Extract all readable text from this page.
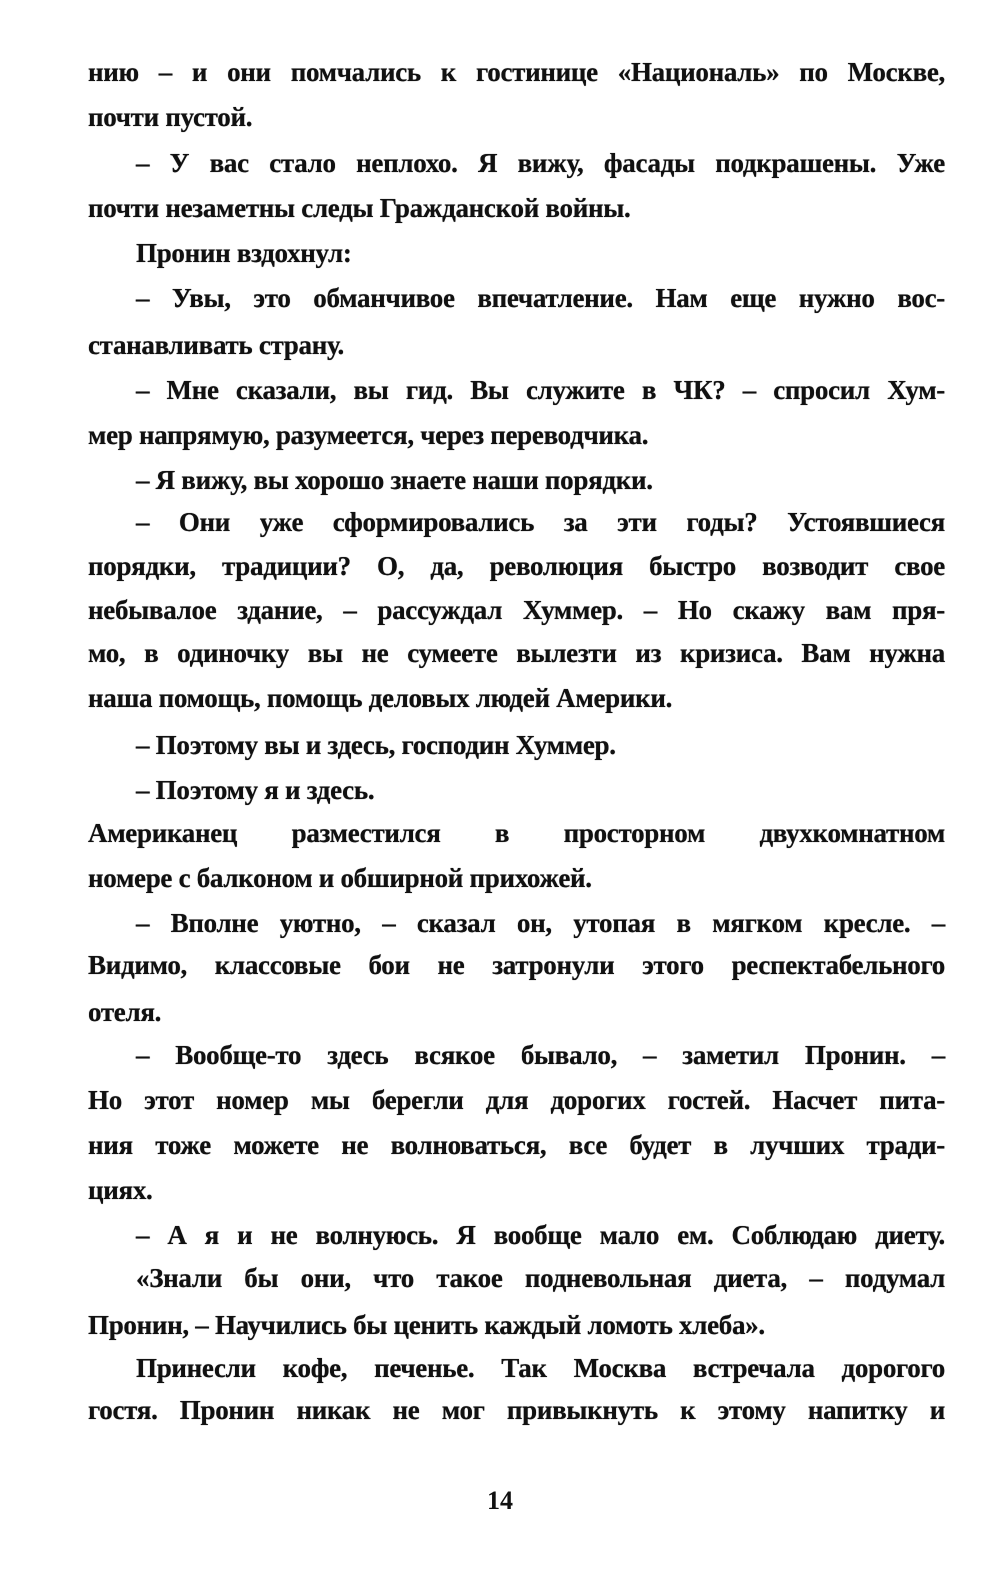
нию – и они помчались к гостинице «Националь» по Москве,
почти пустой.
– У вас стало неплохо. Я вижу, фасады подкрашены. Уже
почти незаметны следы Гражданской войны.
Пронин вздохнул:
– Увы, это обманчивое впечатление. Нам еще нужно вос-
станавливать страну.
– Мне сказали, вы гид. Вы служите в ЧК? – спросил Хум-
мер напрямую, разумеется, через переводчика.
– Я вижу, вы хорошо знаете наши порядки.
– Они уже сформировались за эти годы? Устоявшиеся
порядки, традиции? О, да, революция быстро возводит свое
небывалое здание, – рассуждал Хуммер. – Но скажу вам пря-
мо, в одиночку вы не сумеете вылезти из кризиса. Вам нужна
наша помощь, помощь деловых людей Америки.
– Поэтому вы и здесь, господин Хуммер.
– Поэтому я и здесь.
Американец разместился в просторном двухкомнатном
номере с балконом и обширной прихожей.
– Вполне уютно, – сказал он, утопая в мягком кресле. –
Видимо, классовые бои не затронули этого респектабельного
отеля.
– Вообще-то здесь всякое бывало, – заметил Пронин. –
Но этот номер мы берегли для дорогих гостей. Насчет пита-
ния тоже можете не волноваться, все будет в лучших тради-
циях.
– А я и не волнуюсь. Я вообще мало ем. Соблюдаю диету.
«Знали бы они, что такое подневольная диета, – подумал
Пронин, – Научились бы ценить каждый ломоть хлеба».
Принесли кофе, печенье. Так Москва встречала дорогого
гостя. Пронин никак не мог привыкнуть к этому напитку и
14
